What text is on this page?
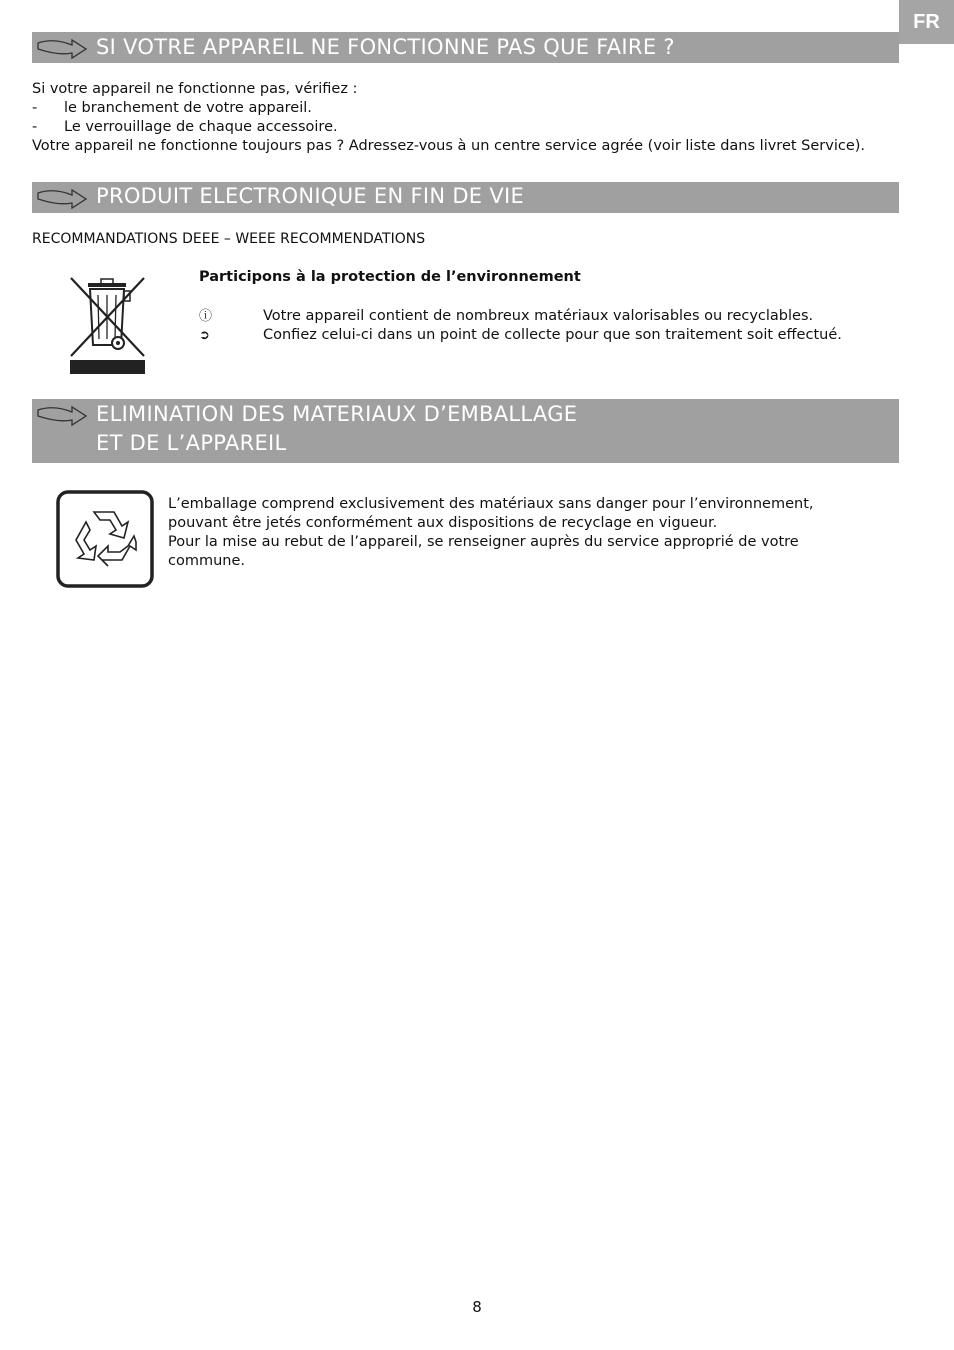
FR
SI VOTRE APPAREIL NE FONCTIONNE PAS QUE FAIRE ?
Si votre appareil ne fonctionne pas, vérifiez :
- le branchement de votre appareil.
- Le verrouillage de chaque accessoire.
Votre appareil ne fonctionne toujours pas ? Adressez-vous à un centre service agrée (voir liste dans livret Service).
PRODUIT ELECTRONIQUE EN FIN DE VIE
RECOMMANDATIONS DEEE – WEEE RECOMMENDATIONS
Participons à la protection de l’environnement
ⓘ	Votre appareil contient de nombreux matériaux valorisables ou recyclables.
➲	Confiez celui-ci dans un point de collecte pour que son traitement soit effectué.
ELIMINATION DES MATERIAUX D’EMBALLAGE
ET DE L’APPAREIL
L’emballage comprend exclusivement des matériaux sans danger pour l’environnement,
pouvant être jetés conformément aux dispositions de recyclage en vigueur.
Pour la mise au rebut de l’appareil, se renseigner auprès du service approprié de votre
commune.
8
